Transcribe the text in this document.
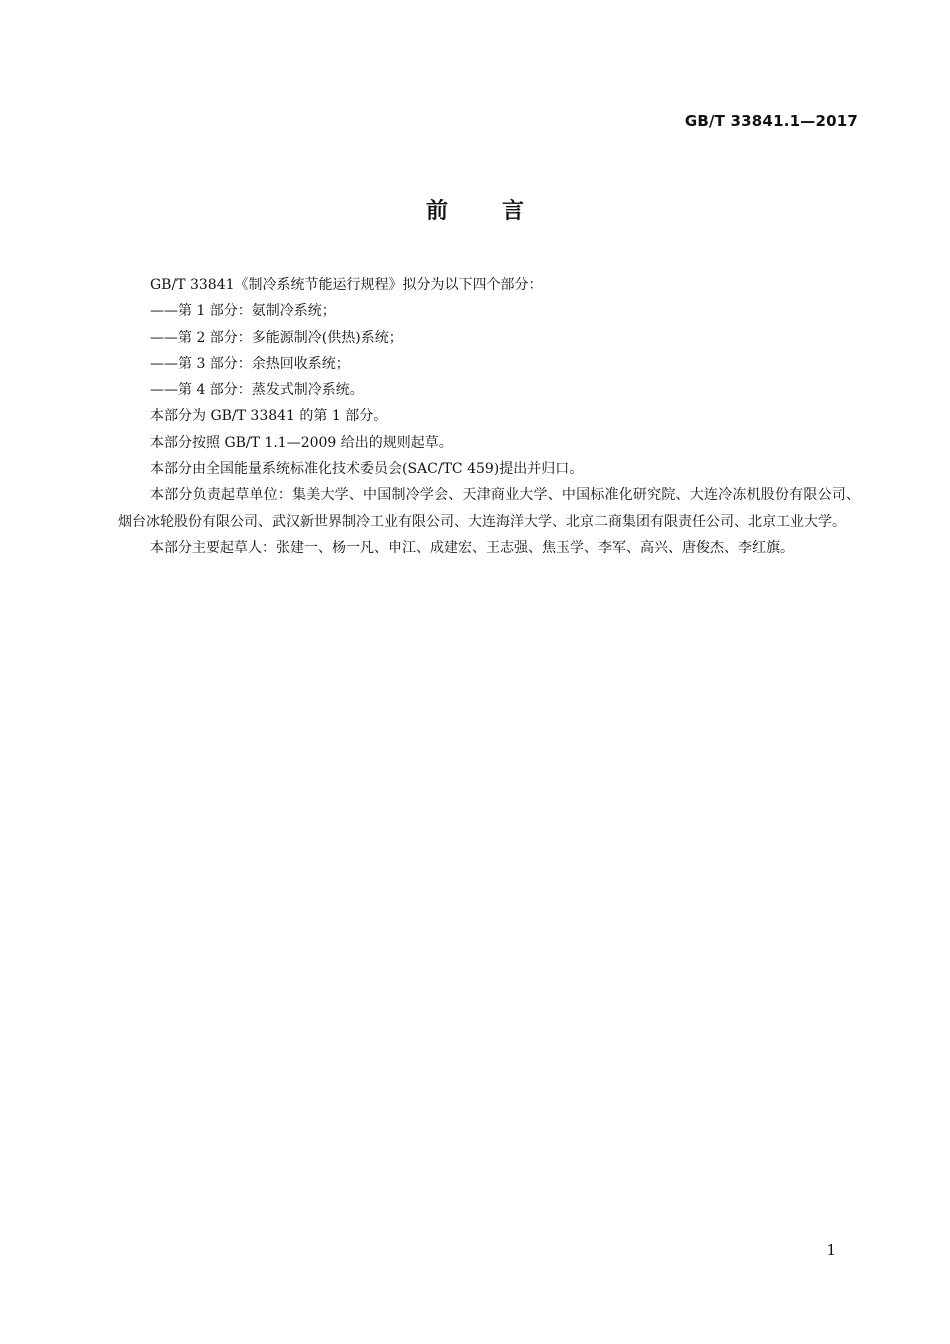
GB/T 33841.1—2017
前言

GB/T 33841《制冷系统节能运行规程》拟分为以下四个部分：

——第 1 部分：氨制冷系统；

——第 2 部分：多能源制冷(供热)系统；

——第 3 部分：余热回收系统；

——第 4 部分：蒸发式制冷系统。

本部分为 GB/T 33841 的第 1 部分。

本部分按照 GB/T 1.1—2009 给出的规则起草。

本部分由全国能量系统标准化技术委员会(SAC/TC 459)提出并归口。

本部分负责起草单位：集美大学、中国制冷学会、天津商业大学、中国标准化研究院、大连冷冻机股份有限公司、烟台冰轮股份有限公司、武汉新世界制冷工业有限公司、大连海洋大学、北京二商集团有限责任公司、北京工业大学。

本部分主要起草人：张建一、杨一凡、申江、成建宏、王志强、焦玉学、李军、高兴、唐俊杰、李红旗。

1
